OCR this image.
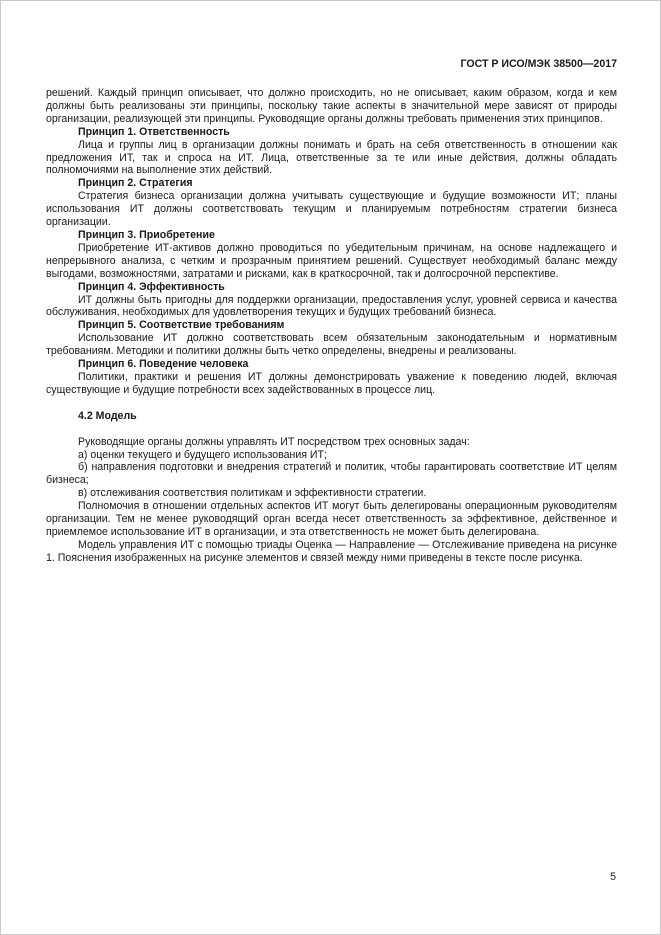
ГОСТ Р ИСО/МЭК 38500—2017

решений. Каждый принцип описывает, что должно происходить, но не описывает, каким образом, когда и кем должны быть реализованы эти принципы, поскольку такие аспекты в значительной мере зависят от природы организации, реализующей эти принципы. Руководящие органы должны требовать применения этих принципов.

Принцип 1. Ответственность

Лица и группы лиц в организации должны понимать и брать на себя ответственность в отношении как предложения ИТ, так и спроса на ИТ. Лица, ответственные за те или иные действия, должны обладать полномочиями на выполнение этих действий.

Принцип 2. Стратегия

Стратегия бизнеса организации должна учитывать существующие и будущие возможности ИТ; планы использования ИТ должны соответствовать текущим и планируемым потребностям стратегии бизнеса организации.

Принцип 3. Приобретение

Приобретение ИТ-активов должно проводиться по убедительным причинам, на основе надлежащего и непрерывного анализа, с четким и прозрачным принятием решений. Существует необходимый баланс между выгодами, возможностями, затратами и рисками, как в краткосрочной, так и долгосрочной перспективе.

Принцип 4. Эффективность

ИТ должны быть пригодны для поддержки организации, предоставления услуг, уровней сервиса и качества обслуживания, необходимых для удовлетворения текущих и будущих требований бизнеса.

Принцип 5. Соответствие требованиям

Использование ИТ должно соответствовать всем обязательным законодательным и нормативным требованиям. Методики и политики должны быть четко определены, внедрены и реализованы.

Принцип 6. Поведение человека

Политики, практики и решения ИТ должны демонстрировать уважение к поведению людей, включая существующие и будущие потребности всех задействованных в процессе лиц.

4.2 Модель

Руководящие органы должны управлять ИТ посредством трех основных задач:

а) оценки текущего и будущего использования ИТ;

б) направления подготовки и внедрения стратегий и политик, чтобы гарантировать соответствие ИТ целям бизнеса;

в) отслеживания соответствия политикам и эффективности стратегии.

Полномочия в отношении отдельных аспектов ИТ могут быть делегированы операционным руководителям организации. Тем не менее руководящий орган всегда несет ответственность за эффективное, действенное и приемлемое использование ИТ в организации, и эта ответственность не может быть делегирована.

Модель управления ИТ с помощью триады Оценка — Направление — Отслеживание приведена на рисунке 1. Пояснения изображенных на рисунке элементов и связей между ними приведены в тексте после рисунка.

5
